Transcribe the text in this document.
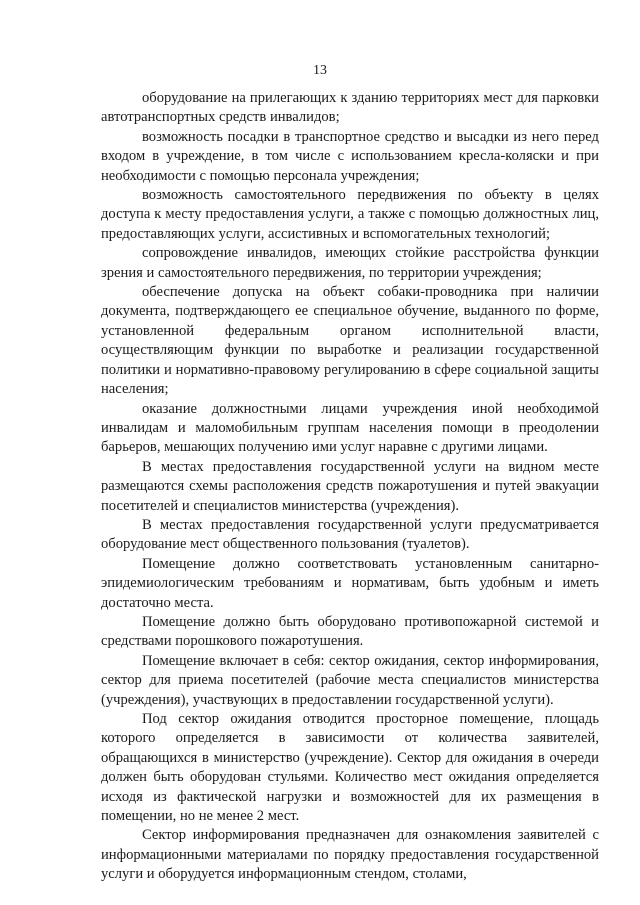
13

оборудование на прилегающих к зданию территориях мест для парковки автотранспортных средств инвалидов;

возможность посадки в транспортное средство и высадки из него перед входом в учреждение, в том числе с использованием кресла-коляски и при необходимости с помощью персонала учреждения;

возможность самостоятельного передвижения по объекту в целях доступа к месту предоставления услуги, а также с помощью должностных лиц, предоставляющих услуги, ассистивных и вспомогательных технологий;

сопровождение инвалидов, имеющих стойкие расстройства функции зрения и самостоятельного передвижения, по территории учреждения;

обеспечение допуска на объект собаки-проводника при наличии документа, подтверждающего ее специальное обучение, выданного по форме, установленной федеральным органом исполнительной власти, осуществляющим функции по выработке и реализации государственной политики и нормативно-правовому регулированию в сфере социальной защиты населения;

оказание должностными лицами учреждения иной необходимой инвалидам и маломобильным группам населения помощи в преодолении барьеров, мешающих получению ими услуг наравне с другими лицами.

В местах предоставления государственной услуги на видном месте размещаются схемы расположения средств пожаротушения и путей эвакуации посетителей и специалистов министерства (учреждения).

В местах предоставления государственной услуги предусматривается оборудование мест общественного пользования (туалетов).

Помещение должно соответствовать установленным санитарно-эпидемиологическим требованиям и нормативам, быть удобным и иметь достаточно места.

Помещение должно быть оборудовано противопожарной системой и средствами порошкового пожаротушения.

Помещение включает в себя: сектор ожидания, сектор информирования, сектор для приема посетителей (рабочие места специалистов министерства (учреждения), участвующих в предоставлении государственной услуги).

Под сектор ожидания отводится просторное помещение, площадь которого определяется в зависимости от количества заявителей, обращающихся в министерство (учреждение). Сектор для ожидания в очереди должен быть оборудован стульями. Количество мест ожидания определяется исходя из фактической нагрузки и возможностей для их размещения в помещении, но не менее 2 мест.

Сектор информирования предназначен для ознакомления заявителей с информационными материалами по порядку предоставления государственной услуги и оборудуется информационным стендом, столами,
